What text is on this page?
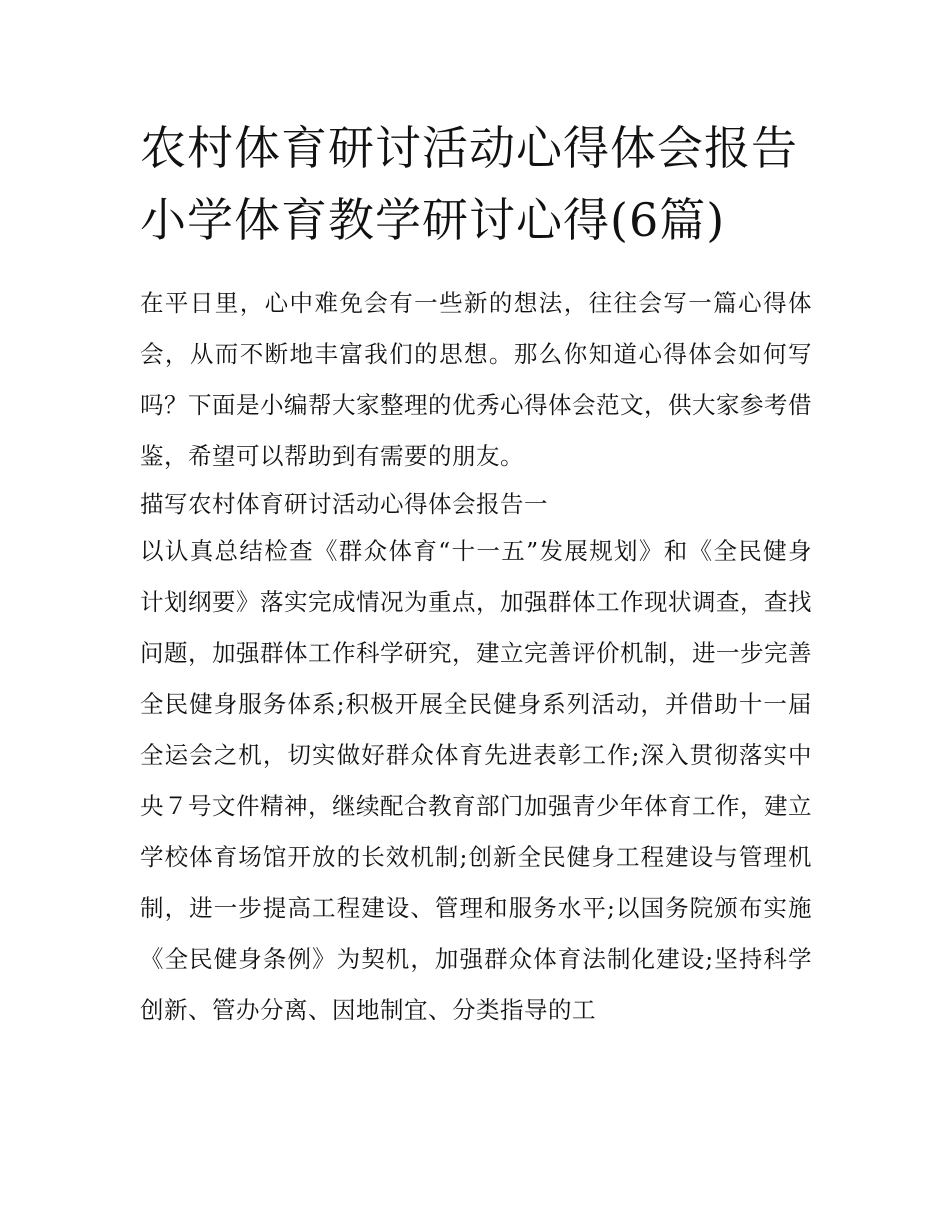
农村体育研讨活动心得体会报告 小学体育教学研讨心得(6篇)

在平日里，心中难免会有一些新的想法，往往会写一篇心得体会，从而不断地丰富我们的思想。那么你知道心得体会如何写吗？下面是小编帮大家整理的优秀心得体会范文，供大家参考借鉴，希望可以帮助到有需要的朋友。

描写农村体育研讨活动心得体会报告一

以认真总结检查《群众体育“十一五”发展规划》和《全民健身计划纲要》落实完成情况为重点，加强群体工作现状调查，查找问题，加强群体工作科学研究，建立完善评价机制，进一步完善全民健身服务体系;积极开展全民健身系列活动，并借助十一届全运会之机，切实做好群众体育先进表彰工作;深入贯彻落实中央７号文件精神，继续配合教育部门加强青少年体育工作，建立学校体育场馆开放的长效机制;创新全民健身工程建设与管理机制，进一步提高工程建设、管理和服务水平;以国务院颁布实施《全民健身条例》为契机，加强群众体育法制化建设;坚持科学创新、管办分离、因地制宜、分类指导的工
